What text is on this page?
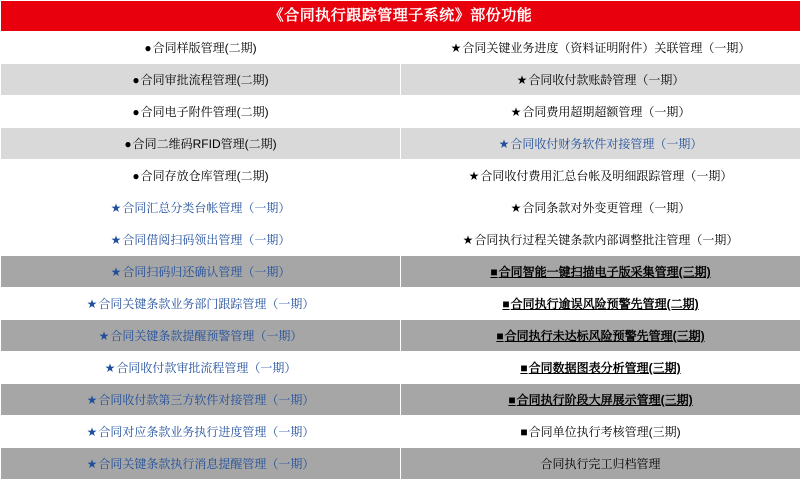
《合同执行跟踪管理子系统》部份功能	
● 合同样版管理(二期)	★ 合同关键业务进度（资料证明附件）关联管理（一期）
● 合同审批流程管理(二期)	★ 合同收付款账龄管理（一期）
● 合同电子附件管理(二期)	★ 合同费用超期超额管理（一期）
● 合同二维码RFID管理(二期)	★ 合同收付财务软件对接管理（一期）
● 合同存放仓库管理(二期)	★ 合同收付费用汇总台帐及明细跟踪管理（一期）
★ 合同汇总分类台帐管理（一期）	★ 合同条款对外变更管理（一期）
★ 合同借阅扫码领出管理（一期）	★ 合同执行过程关键条款内部调整批注管理（一期）
★ 合同扫码归还确认管理（一期）	■ 合同智能一键扫描电子版采集管理(三期)
★ 合同关键条款业务部门跟踪管理（一期）	■ 合同执行逾误风险预警先管理(二期)
★ 合同关键条款提醒预警管理（一期）	■ 合同执行未达标风险预警先管理(三期)
★ 合同收付款审批流程管理（一期）	■ 合同数据图表分析管理(三期)
★ 合同收付款第三方软件对接管理（一期）	■ 合同执行阶段大屏展示管理(三期)
★ 合同对应条款业务执行进度管理（一期）	■ 合同单位执行考核管理(三期)
★ 合同关键条款执行消息提醒管理（一期）	合同执行完工归档管理
